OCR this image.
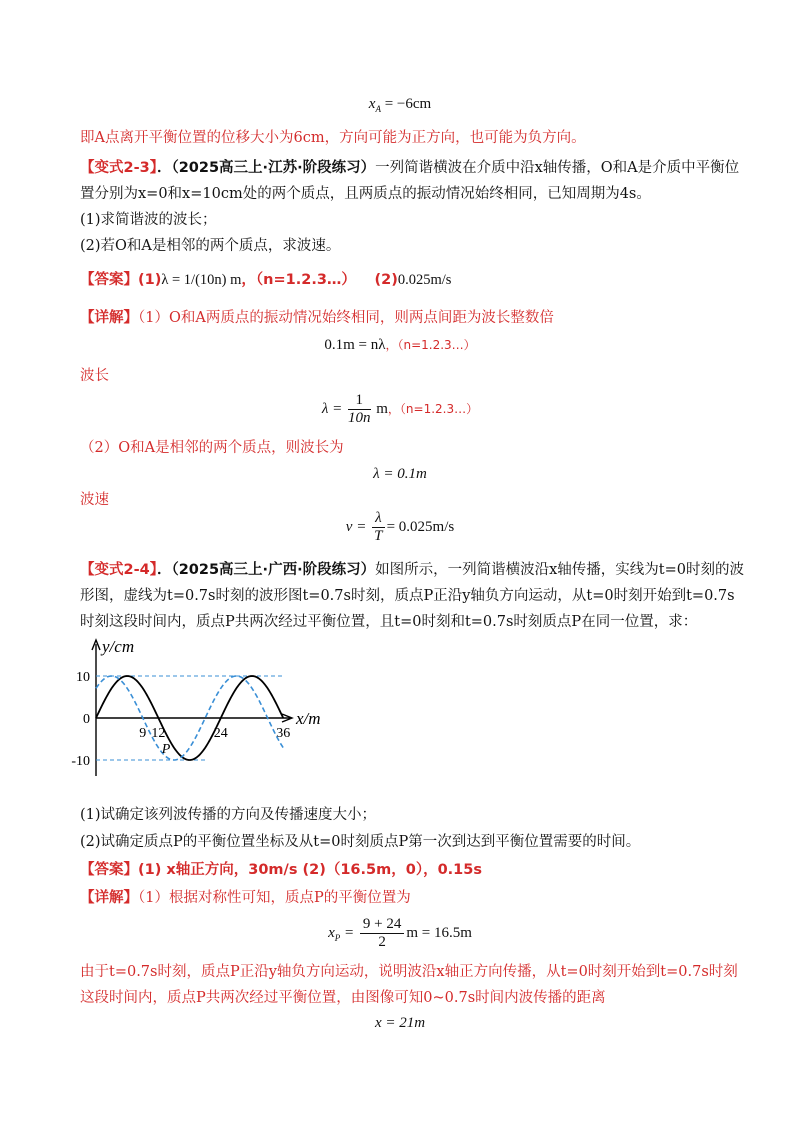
$x_A = -6cm$
即A点离开平衡位置的位移大小为6cm，方向可能为正方向，也可能为负方向。
【变式2-3】．（2025高三上·江苏·阶段练习）一列简谐横波在介质中沿x轴传播，O和A是介质中平衡位
置分别为x=0和x=10cm处的两个质点，且两质点的振动情况始终相同，已知周期为4s。
(1)求简谐波的波长；
(2)若O和A是相邻的两个质点，求波速。
【答案】(1)λ = 1/(10n) m，（n=1.2.3…） (2)0.025m/s
【详解】（1）O和A两质点的振动情况始终相同，则两点间距为波长整数倍
0.1m = nλ，（n=1.2.3…）
波长
$\lambda = \frac{1}{10n}$ m，（n=1.2.3…）
（2）O和A是相邻的两个质点，则波长为
λ = 0.1m
波速
$v = \frac{\lambda}{T} = 0.025m/s$
【变式2-4】．（2025高三上·广西·阶段练习）如图所示，一列简谐横波沿x轴传播，实线为t=0时刻的波
形图，虚线为t=0.7s时刻的波形图t=0.7s时刻，质点P正沿y轴负方向运动，从t=0时刻开始到t=0.7s
时刻这段时间内，质点P共两次经过平衡位置，且t=0时刻和t=0.7s时刻质点P在同一位置，求：
y/cm
x/m
10
0
-10
9 12	24	36
P
(1)试确定该列波传播的方向及传播速度大小；
(2)试确定质点P的平衡位置坐标及从t=0时刻质点P第一次到达到平衡位置需要的时间。
【答案】(1) x轴正方向，30m/s (2)（16.5m，0），0.15s
【详解】（1）根据对称性可知，质点P的平衡位置为
$x_P = \frac{9 + 24}{2}$ m = 16.5m
由于t=0.7s时刻，质点P正沿y轴负方向运动，说明波沿x轴正方向传播，从t=0时刻开始到t=0.7s时刻
这段时间内，质点P共两次经过平衡位置，由图像可知0~0.7s时间内波传播的距离
x = 21m
